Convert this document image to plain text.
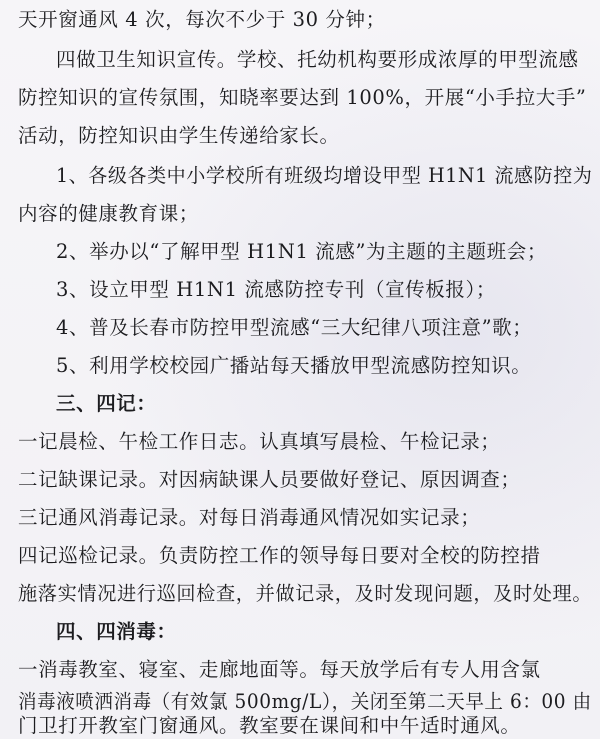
天开窗通风 4 次，每次不少于 30 分钟；
四做卫生知识宣传。学校、托幼机构要形成浓厚的甲型流感
防控知识的宣传氛围，知晓率要达到 100%，开展“小手拉大手”
活动，防控知识由学生传递给家长。
1、各级各类中小学校所有班级均增设甲型 H1N1 流感防控为
内容的健康教育课；
2、举办以“了解甲型 H1N1 流感”为主题的主题班会；
3、设立甲型 H1N1 流感防控专刊（宣传板报）；
4、普及长春市防控甲型流感“三大纪律八项注意”歌；
5、利用学校校园广播站每天播放甲型流感防控知识。
三、四记：
一记晨检、午检工作日志。认真填写晨检、午检记录；
二记缺课记录。对因病缺课人员要做好登记、原因调查；
三记通风消毒记录。对每日消毒通风情况如实记录；
四记巡检记录。负责防控工作的领导每日要对全校的防控措
施落实情况进行巡回检查，并做记录，及时发现问题，及时处理。
四、四消毒：
一消毒教室、寝室、走廊地面等。每天放学后有专人用含氯
消毒液喷洒消毒（有效氯 500mg/L），关闭至第二天早上 6：00 由
门卫打开教室门窗通风。教室要在课间和中午适时通风。
